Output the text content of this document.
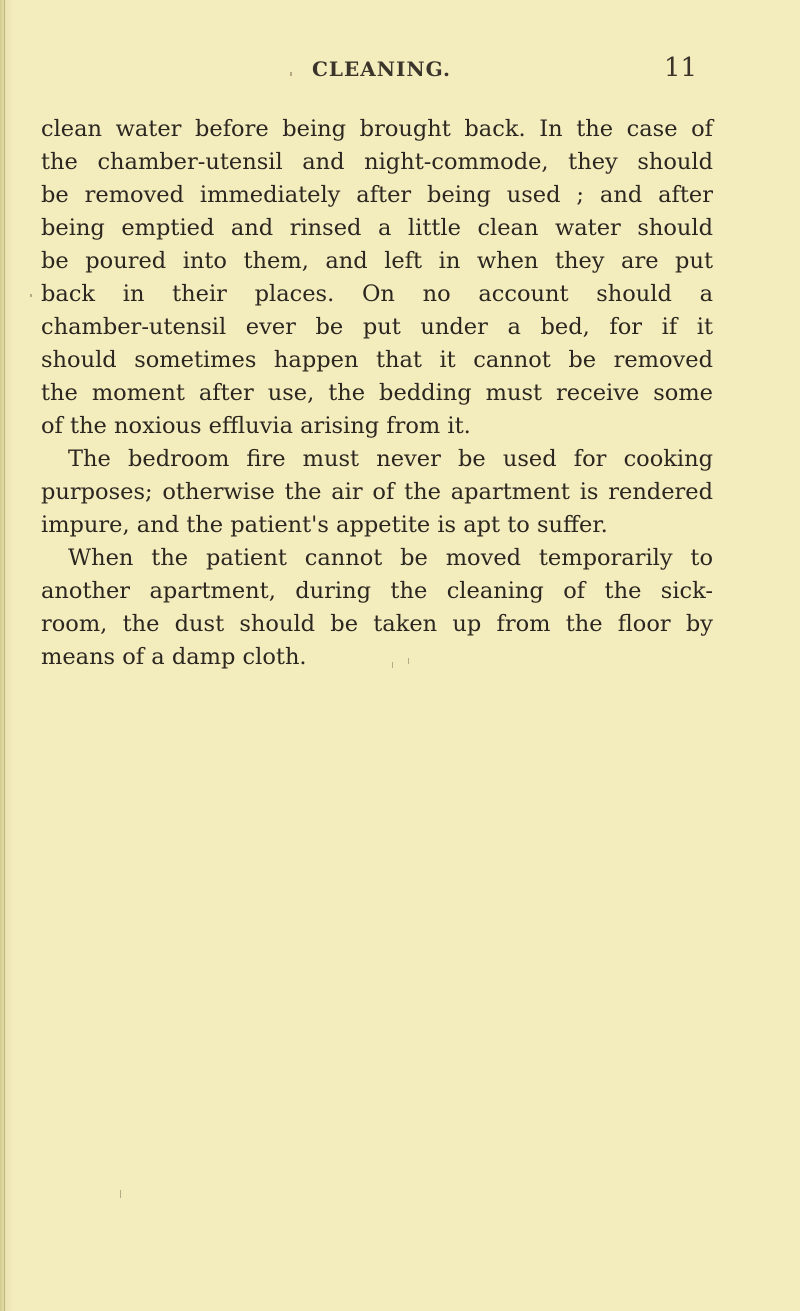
CLEANING.	11
clean water before being brought back. In the case of
the chamber-utensil and night-commode, they should
be removed immediately after being used ; and after
being emptied and rinsed a little clean water should
be poured into them, and left in when they are put
back in their places. On no account should a
chamber-utensil ever be put under a bed, for if it
should sometimes happen that it cannot be removed
the moment after use, the bedding must receive some
of the noxious effluvia arising from it.
The bedroom fire must never be used for cooking
purposes; otherwise the air of the apartment is rendered
impure, and the patient's appetite is apt to suffer.
When the patient cannot be moved temporarily to
another apartment, during the cleaning of the sick-
room, the dust should be taken up from the floor by
means of a damp cloth.
